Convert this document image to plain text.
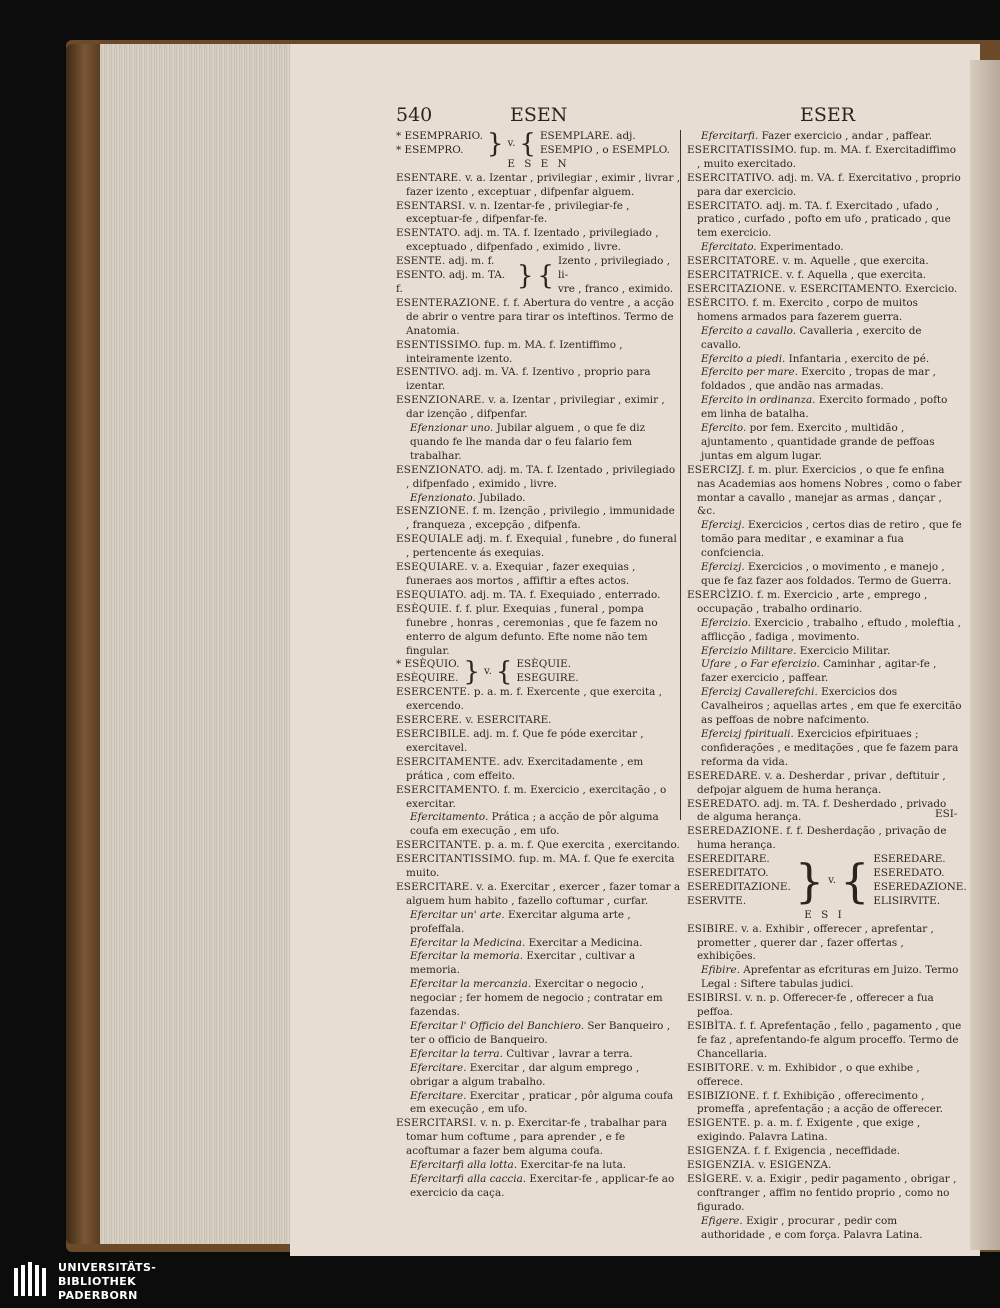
540	ESEN	ESER
* ESEMPRARIO.
* ESEMPRO. } v. { ESEMPLARE. adj.
ESEMPIO , o ESEMPLO.

E S E N

ESENTARE. v. a. Izentar , privilegiar , eximir , livrar , fazer izento , exceptuar , difpenfar alguem.

ESENTARSI. v. n. Izentar-fe , privilegiar-fe , exceptuar-fe , difpenfar-fe.

ESENTATO. adj. m. TA. f. Izentado , privilegiado , exceptuado , difpenfado , eximido , livre.

ESENTE. adj. m. f.
ESENTO. adj. m. TA. f.	} { Izento , privilegiado , li-
vre , franco , eximido.

ESENTERAZIONE. f. f. Abertura do ventre , a acção de abrir o ventre para tirar os inteftinos. Termo de Anatomia.

ESENTISSIMO. fup. m. MA. f. Izentiffimo , inteiramente izento.

ESENTIVO. adj. m. VA. f. Izentivo , proprio para izentar.

ESENZIONARE. v. a. Izentar , privilegiar , eximir , dar izenção , difpenfar.

Efenzionar uno. Jubilar alguem , o que fe diz quando fe lhe manda dar o feu falario fem trabalhar.

ESENZIONATO. adj. m. TA. f. Izentado , privilegiado , difpenfado , eximido , livre.

Efenzionato. Jubilado.

ESENZIONE. f. m. Izenção , privilegio , immunidade , franqueza , excepção , difpenfa.

ESEQUIALE adj. m. f. Exequial , funebre , do funeral , pertencente ás exequias.

ESEQUIARE. v. a. Exequiar , fazer exequias , funeraes aos mortos , affiftir a eftes actos.

ESEQUIATO. adj. m. TA. f. Exequiado , enterrado.

ESÈQUIE. f. f. plur. Exequias , funeral , pompa funebre , honras , ceremonias , que fe fazem no enterro de algum defunto. Efte nome não tem fingular.

* ESÈQUIO.
ESÈQUIRE. } v. { ESÈQUIE.
ESEGUIRE.

ESERCENTE. p. a. m. f. Exercente , que exercita , exercendo.

ESERCERE. v. ESERCITARE.

ESERCIBILE. adj. m. f. Que fe póde exercitar , exercitavel.

ESERCITAMENTE. adv. Exercitadamente , em prática , com effeito.

ESERCITAMENTO. f. m. Exercicio , exercitação , o exercitar.

Efercitamento. Prática ; a acção de pôr alguma coufa em execução , em ufo.

ESERCITANTE. p. a. m. f. Que exercita , exercitando.

ESERCITANTISSIMO. fup. m. MA. f. Que fe exercita muito.

ESERCITARE. v. a. Exercitar , exercer , fazer tomar a alguem hum habito , fazello coftumar , curfar.

Efercitar un' arte. Exercitar alguma arte , profeffala.

Efercitar la Medicina. Exercitar a Medicina.

Efercitar la memoria. Exercitar , cultivar a memoria.

Efercitar la mercanzia. Exercitar o negocio , negociar ; fer homem de negocio ; contratar em fazendas.

Efercitar l' Officio del Banchiero. Ser Banqueiro , ter o officio de Banqueiro.

Efercitar la terra. Cultivar , lavrar a terra.

Efercitare. Exercitar , dar algum emprego , obrigar a algum trabalho.

Efercitare. Exercitar , praticar , pôr alguma coufa em execução , em ufo.

ESERCITARSI. v. n. p. Exercitar-fe , trabalhar para tomar hum coftume , para aprender , e fe acoftumar a fazer bem alguma coufa.

Efercitarfi alla lotta. Exercitar-fe na luta.

Efercitarfi alla caccia. Exercitar-fe , applicar-fe ao exercicio da caça.

Efercitarfi. Fazer exercicio , andar , paffear.

ESERCITATISSIMO. fup. m. MA. f. Exercitadiffimo , muito exercitado.

ESERCITATIVO. adj. m. VA. f. Exercitativo , proprio para dar exercicio.

ESERCITATO. adj. m. TA. f. Exercitado , ufado , pratico , curfado , pofto em ufo , praticado , que tem exercicio.

Efercitato. Experimentado.

ESERCITATORE. v. m. Aquelle , que exercita.

ESERCITATRICE. v. f. Aquella , que exercita.

ESERCITAZIONE. v. ESERCITAMENTO. Exercicio.

ESÈRCITO. f. m. Exercito , corpo de muitos homens armados para fazerem guerra.

Efercito a cavallo. Cavalleria , exercito de cavallo.

Efercito a piedi. Infantaria , exercito de pé.

Efercito per mare. Exercito , tropas de mar , foldados , que andão nas armadas.

Efercito in ordinanza. Exercito formado , pofto em linha de batalha.

Efercito. por fem. Exercito , multidão , ajuntamento , quantidade grande de peffoas juntas em algum lugar.

ESERCIZJ. f. m. plur. Exercicios , o que fe enfina nas Academias aos homens Nobres , como o faber montar a cavallo , manejar as armas , dançar , &c.

Efercizj. Exercicios , certos dias de retiro , que fe tomão para meditar , e examinar a fua confciencia.

Efercizj. Exercicios , o movimento , e manejo , que fe faz fazer aos foldados. Termo de Guerra.

ESERCÌZIO. f. m. Exercicio , arte , emprego , occupação , trabalho ordinario.

Efercizio. Exercicio , trabalho , eftudo , moleftia , afflicção , fadiga , movimento.

Efercizio Militare. Exercicio Militar.

Ufare , o Far efercizio. Caminhar , agitar-fe , fazer exercicio , paffear.

Efercizj Cavallerefchi. Exercicios dos Cavalheiros ; aquellas artes , em que fe exercitão as peffoas de nobre nafcimento.

Efercizj fpirituali. Exercicios efpirituaes ; confiderações , e meditações , que fe fazem para reforma da vida.

ESEREDARE. v. a. Desherdar , privar , deftituir , defpojar alguem de huma herança.

ESEREDATO. adj. m. TA. f. Desherdado , privado de alguma herança.

ESEREDAZIONE. f. f. Desherdação , privação de huma herança.

ESEREDITARE.
ESEREDITATO.
ESEREDITAZIONE.
ESERVITE.	} v. { ESEREDARE.
ESEREDATO.
ESEREDAZIONE.
ELISIRVITE.

E S I

ESIBIRE. v. a. Exhibir , offerecer , aprefentar , prometter , querer dar , fazer offertas , exhibições.

Efibire. Aprefentar as efcrituras em Juizo. Termo Legal : Siftere tabulas judici.

ESIBIRSI. v. n. p. Offerecer-fe , offerecer a fua peffoa.

ESIBÌTA. f. f. Aprefentação , fello , pagamento , que fe faz , aprefentando-fe algum proceffo. Termo de Chancellaria.

ESIBITORE. v. m. Exhibidor , o que exhibe , offerece.

ESIBIZIONE. f. f. Exhibição , offerecimento , promeffa , aprefentação ; a acção de offerecer.

ESIGENTE. p. a. m. f. Exigente , que exige , exigindo. Palavra Latina.

ESIGENZA. f. f. Exigencia , neceffidade.

ESIGENZIA. v. ESIGENZA.

ESÌGERE. v. a. Exigir , pedir pagamento , obrigar , conftranger , affim no fentido proprio , como no figurado.

Efigere. Exigir , procurar , pedir com authoridade , e com força. Palavra Latina.

ESI-
UNIVERSITÄTS-
BIBLIOTHEK
PADERBORN
